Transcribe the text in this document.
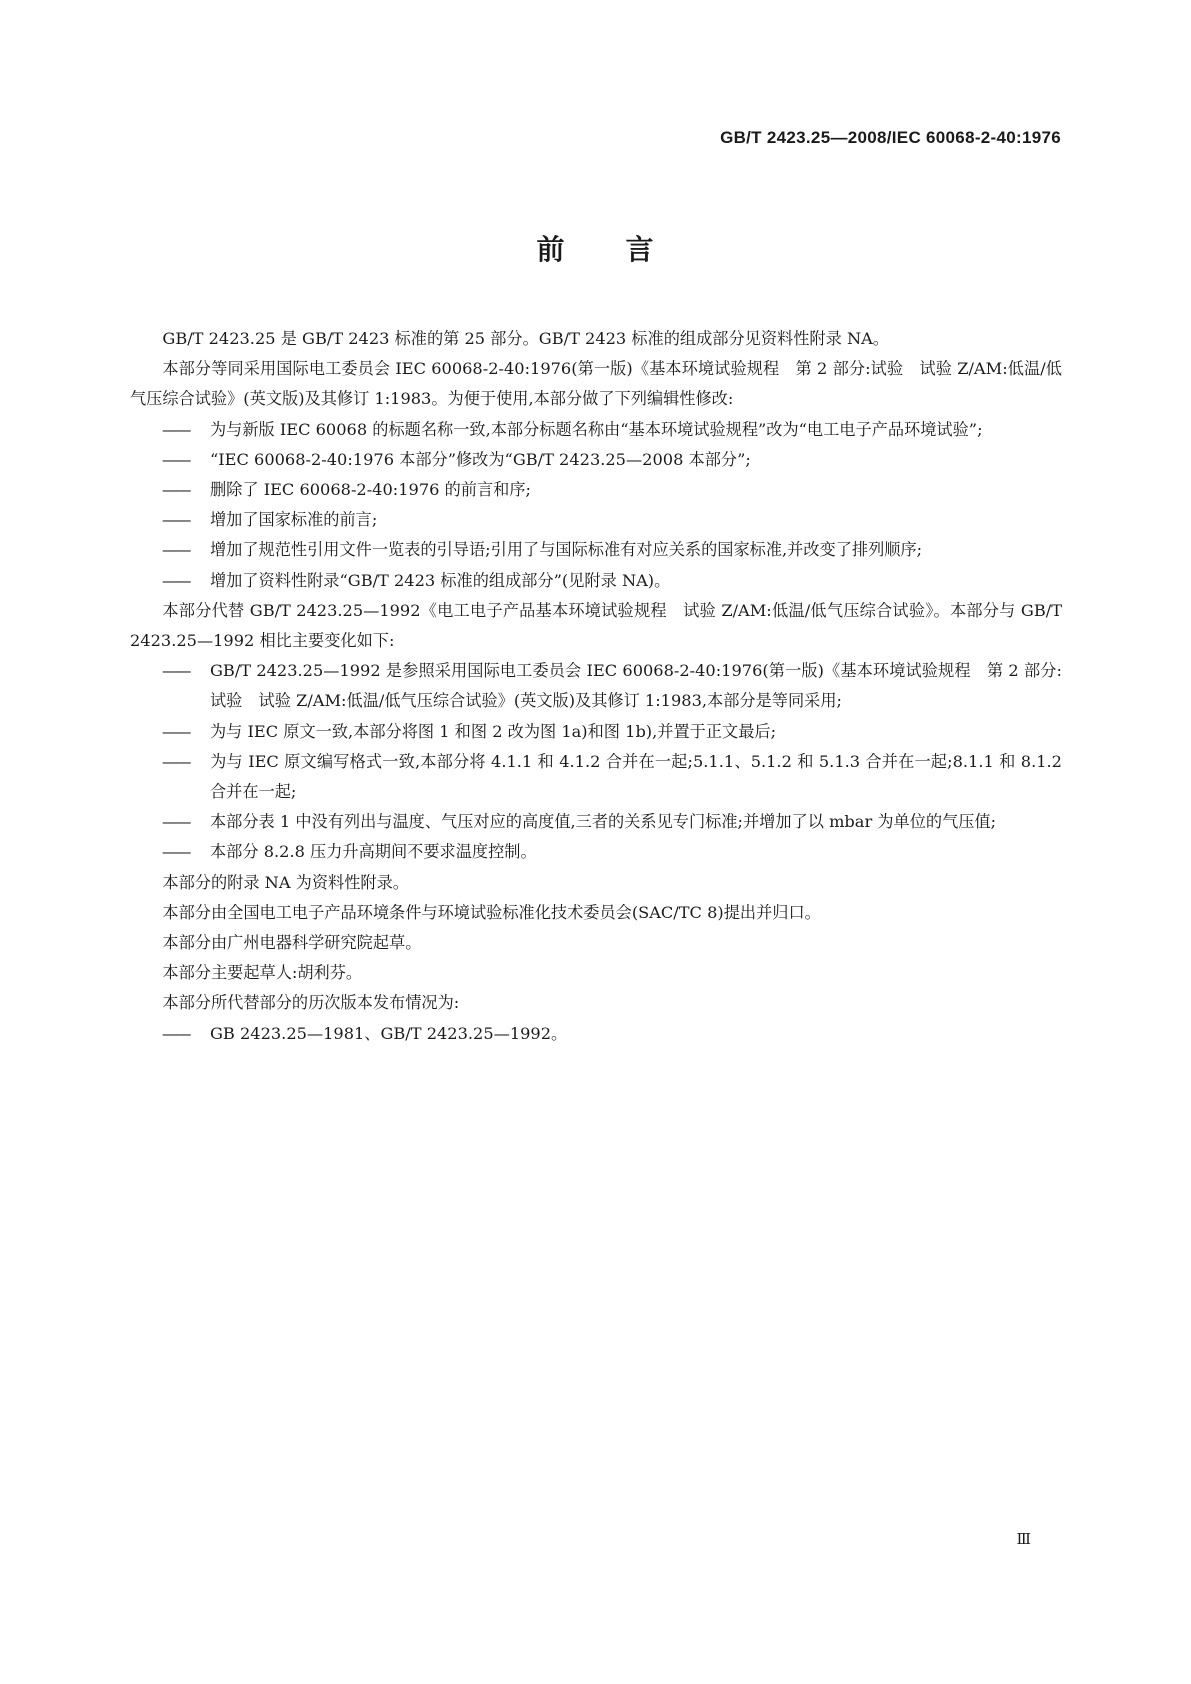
GB/T 2423.25—2008/IEC 60068-2-40:1976
前 言

GB/T 2423.25 是 GB/T 2423 标准的第 25 部分。GB/T 2423 标准的组成部分见资料性附录 NA。

本部分等同采用国际电工委员会 IEC 60068-2-40:1976(第一版)《基本环境试验规程　第 2 部分:试验　试验 Z/AM:低温/低气压综合试验》(英文版)及其修订 1:1983。为便于使用,本部分做了下列编辑性修改:

—— 为与新版 IEC 60068 的标题名称一致,本部分标题名称由“基本环境试验规程”改为“电工电子产品环境试验”;

—— “IEC 60068-2-40:1976 本部分”修改为“GB/T 2423.25—2008 本部分”;

—— 删除了 IEC 60068-2-40:1976 的前言和序;

—— 增加了国家标准的前言;

—— 增加了规范性引用文件一览表的引导语;引用了与国际标准有对应关系的国家标准,并改变了排列顺序;

—— 增加了资料性附录“GB/T 2423 标准的组成部分”(见附录 NA)。

本部分代替 GB/T 2423.25—1992《电工电子产品基本环境试验规程　试验 Z/AM:低温/低气压综合试验》。本部分与 GB/T 2423.25—1992 相比主要变化如下:

—— GB/T 2423.25—1992 是参照采用国际电工委员会 IEC 60068-2-40:1976(第一版)《基本环境试验规程　第 2 部分:试验　试验 Z/AM:低温/低气压综合试验》(英文版)及其修订 1:1983,本部分是等同采用;

—— 为与 IEC 原文一致,本部分将图 1 和图 2 改为图 1a)和图 1b),并置于正文最后;

—— 为与 IEC 原文编写格式一致,本部分将 4.1.1 和 4.1.2 合并在一起;5.1.1、5.1.2 和 5.1.3 合并在一起;8.1.1 和 8.1.2 合并在一起;

—— 本部分表 1 中没有列出与温度、气压对应的高度值,三者的关系见专门标准;并增加了以 mbar 为单位的气压值;

—— 本部分 8.2.8 压力升高期间不要求温度控制。

本部分的附录 NA 为资料性附录。

本部分由全国电工电子产品环境条件与环境试验标准化技术委员会(SAC/TC 8)提出并归口。

本部分由广州电器科学研究院起草。

本部分主要起草人:胡利芬。

本部分所代替部分的历次版本发布情况为:

—— GB 2423.25—1981、GB/T 2423.25—1992。

Ⅲ
